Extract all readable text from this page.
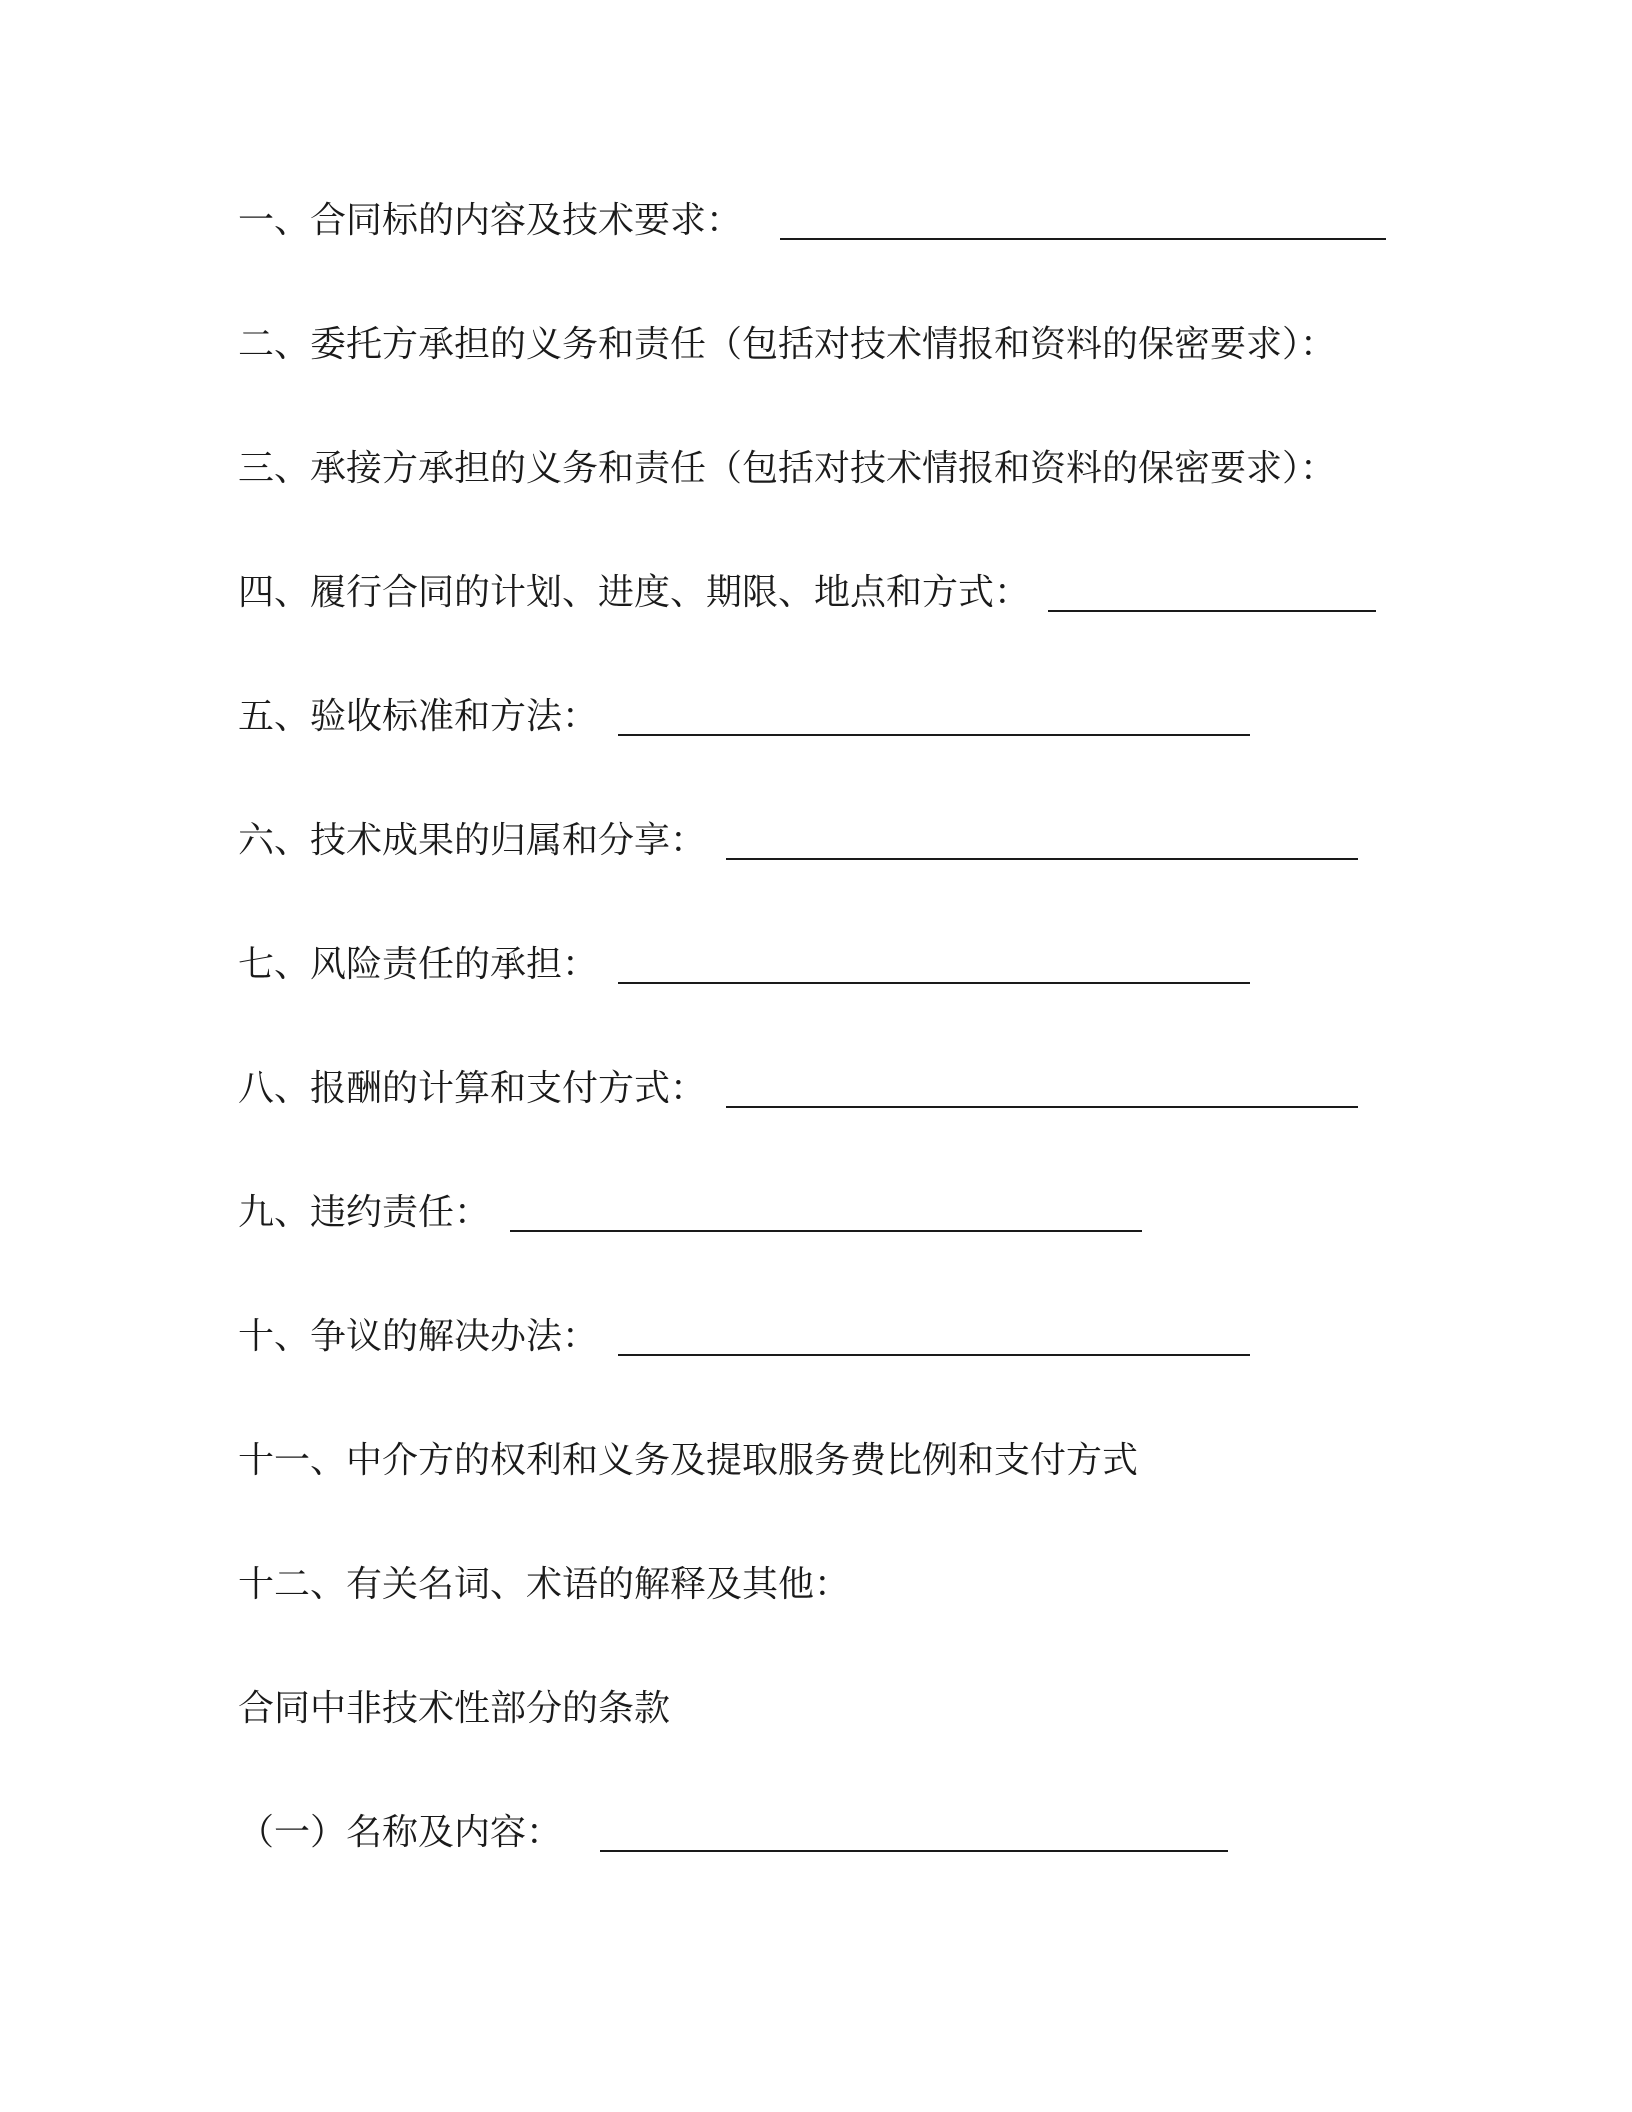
一、合同标的内容及技术要求：
二、委托方承担的义务和责任（包括对技术情报和资料的保密要求）：
三、承接方承担的义务和责任（包括对技术情报和资料的保密要求）：
四、履行合同的计划、进度、期限、地点和方式：
五、验收标准和方法：
六、技术成果的归属和分享：
七、风险责任的承担：
八、报酬的计算和支付方式：
九、违约责任：
十、争议的解决办法：
十一、中介方的权利和义务及提取服务费比例和支付方式
十二、有关名词、术语的解释及其他：
合同中非技术性部分的条款
（一）名称及内容：
